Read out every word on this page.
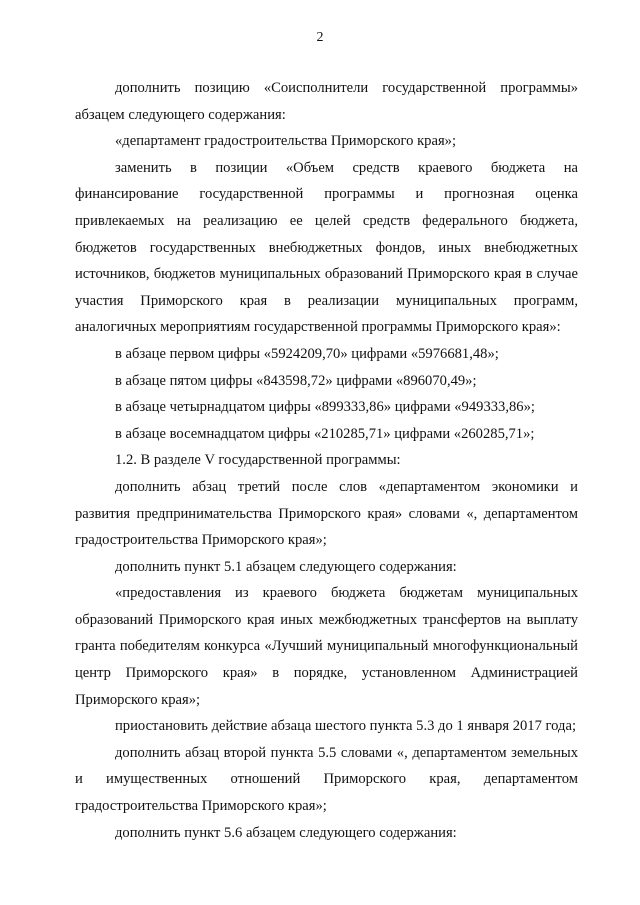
2

дополнить позицию «Соисполнители государственной программы» абзацем следующего содержания:

«департамент градостроительства Приморского края»;

заменить в позиции «Объем средств краевого бюджета на финансирование государственной программы и прогнозная оценка привлекаемых на реализацию ее целей средств федерального бюджета, бюджетов государственных внебюджетных фондов, иных внебюджетных источников, бюджетов муниципальных образований Приморского края в случае участия Приморского края в реализации муниципальных программ, аналогичных мероприятиям государственной программы Приморского края»:

в абзаце первом цифры «5924209,70» цифрами «5976681,48»;

в абзаце пятом цифры «843598,72» цифрами «896070,49»;

в абзаце четырнадцатом цифры «899333,86» цифрами «949333,86»;

в абзаце восемнадцатом цифры «210285,71» цифрами «260285,71»;

1.2. В разделе V государственной программы:

дополнить абзац третий после слов «департаментом экономики и развития предпринимательства Приморского края» словами «, департаментом градостроительства Приморского края»;

дополнить пункт 5.1 абзацем следующего содержания:

«предоставления из краевого бюджета бюджетам муниципальных образований Приморского края иных межбюджетных трансфертов на выплату гранта победителям конкурса «Лучший муниципальный многофункциональный центр Приморского края» в порядке, установленном Администрацией Приморского края»;

приостановить действие абзаца шестого пункта 5.3 до 1 января 2017 года;

дополнить абзац второй пункта 5.5 словами «, департаментом земельных и имущественных отношений Приморского края, департаментом градостроительства Приморского края»;

дополнить пункт 5.6 абзацем следующего содержания:
